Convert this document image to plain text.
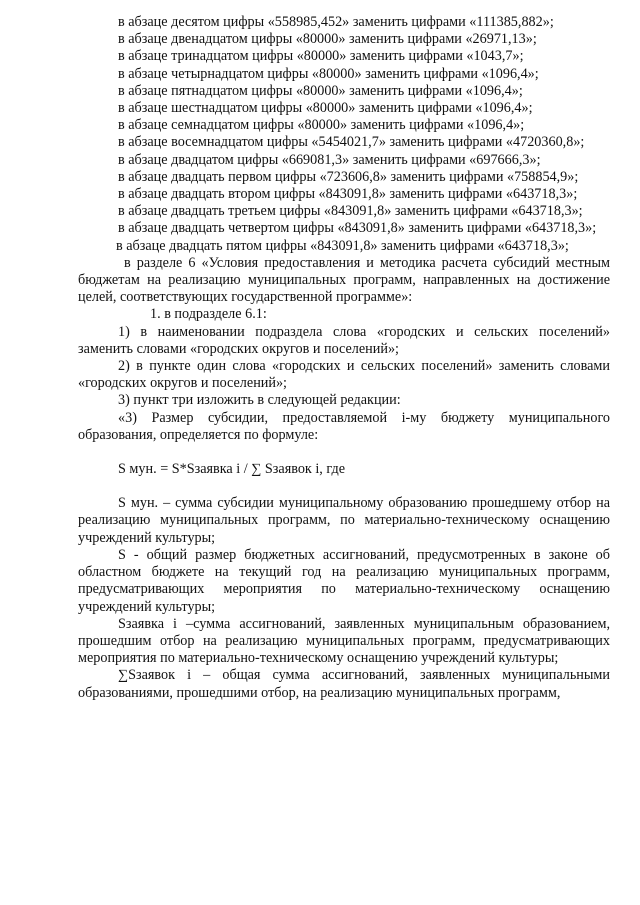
в абзаце десятом цифры «558985,452» заменить цифрами «111385,882»;

в абзаце двенадцатом цифры «80000» заменить цифрами «26971,13»;

в абзаце тринадцатом цифры «80000» заменить цифрами «1043,7»;

в абзаце четырнадцатом цифры «80000» заменить цифрами «1096,4»;

в абзаце пятнадцатом цифры «80000» заменить цифрами «1096,4»;

в абзаце шестнадцатом цифры «80000» заменить цифрами «1096,4»;

в абзаце семнадцатом цифры «80000» заменить цифрами «1096,4»;

в абзаце восемнадцатом цифры «5454021,7» заменить цифрами «4720360,8»;

в абзаце двадцатом цифры «669081,3» заменить цифрами «697666,3»;

в абзаце двадцать первом цифры «723606,8» заменить цифрами «758854,9»;

в абзаце двадцать втором цифры «843091,8» заменить цифрами «643718,3»;

в абзаце двадцать третьем цифры «843091,8» заменить цифрами «643718,3»;

в абзаце двадцать четвертом цифры «843091,8» заменить цифрами «643718,3»;

в абзаце двадцать пятом цифры «843091,8» заменить цифрами «643718,3»;

в разделе 6 «Условия предоставления и методика расчета субсидий местным бюджетам на реализацию муниципальных программ, направленных на достижение целей, соответствующих государственной программе»:

1. в подразделе 6.1:

1) в наименовании подраздела слова «городских и сельских поселений» заменить словами «городских округов и поселений»;

2) в пункте один слова «городских и сельских поселений» заменить словами «городских округов и поселений»;

3) пункт три изложить в следующей редакции:

«3) Размер субсидии, предоставляемой i-му бюджету муниципального образования, определяется по формуле:

S мун. = S*Sзаявка i / ∑ Sзаявок i, где

S мун. – сумма субсидии муниципальному образованию прошедшему отбор на реализацию муниципальных программ, по материально-техническому оснащению учреждений культуры;

S - общий размер бюджетных ассигнований, предусмотренных в законе об областном бюджете на текущий год на реализацию муниципальных программ, предусматривающих мероприятия по материально-техническому оснащению учреждений культуры;

Sзаявка i –сумма ассигнований, заявленных муниципальным образованием, прошедшим отбор на реализацию муниципальных программ, предусматривающих мероприятия по материально-техническому оснащению учреждений культуры;

∑Sзаявок i – общая сумма ассигнований, заявленных муниципальными образованиями, прошедшими отбор, на реализацию муниципальных программ,
